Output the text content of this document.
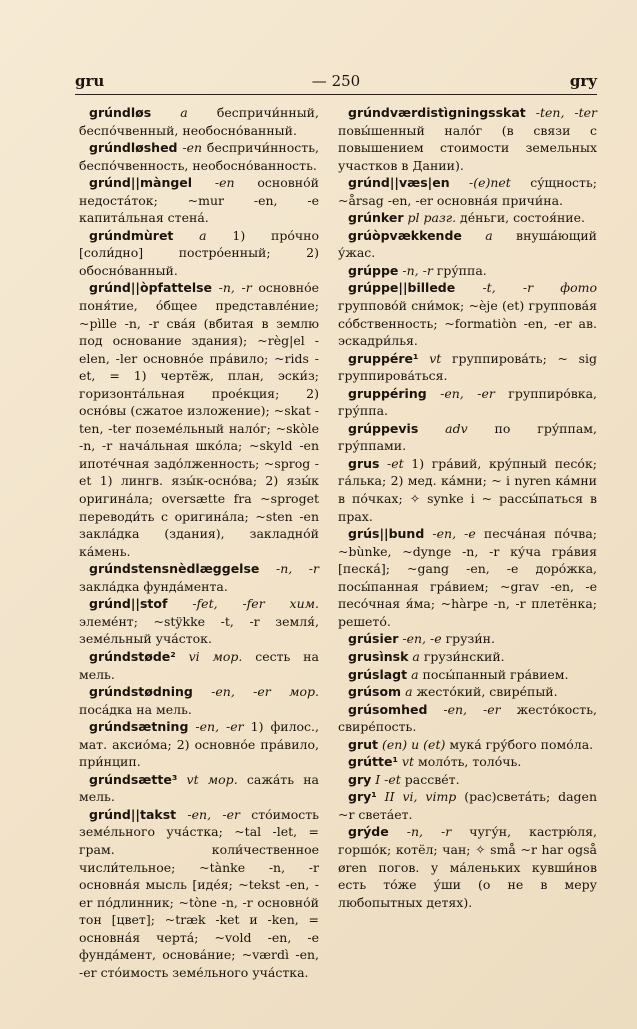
gru	— 250	gry

grúndløs a беспричи́нный, беспо́чвенный, необосно́ванный.

grúndløshed -en беспричи́нность, беспо́чвенность, необосно́ванность.

grúnd||màngel -en основно́й недоста́ток; ~mur -en, -e капита́льная стена́.

grúndmùret a 1) про́чно [соли́дно] постро́енный; 2) обосно́ванный.

grúnd||òpfattelse -n, -r основно́е поня́тие, о́бщее представле́ние; ~pìlle -n, -r сва́я (вбитая в землю под основание здания); ~règ|el -elen, -ler основно́е пра́вило; ~rids -et, = 1) чертёж, план, эски́з; горизонта́льная прое́кция; 2) осно́вы (сжатое изложение); ~skat -ten, -ter поземе́льный нало́г; ~skòle -n, -r нача́льная шко́ла; ~skyld -en ипоте́чная задо́лженность; ~sprog -et 1) лингв. язы́к-осно́ва; 2) язы́к оригина́ла; oversætte fra ~sproget переводи́ть с оригина́ла; ~sten -en закла́дка (здания), закладно́й ка́мень.

grúndstensnèdlæggelse -n, -r закла́дка фунда́мента.

grúnd||stof -fet, -fer хим. элеме́нт; ~stÿkke -t, -r земля́, земе́льный уча́сток.

grúndstøde² vi мор. сесть на мель.

grúndstødning -en, -er мор. поса́дка на мель.

grúndsætning -en, -er 1) филос., мат. аксио́ма; 2) основно́е пра́вило, при́нцип.

grúndsætte³ vt мор. сажа́ть на мель.

grúnd||takst -en, -er сто́имость земе́льного уча́стка; ~tal -let, = грам. коли́чественное числи́тельное; ~tànke -n, -r основна́я мысль [иде́я; ~tekst -en, -er по́длинник; ~tòne -n, -r основно́й тон [цвет]; ~træk -ket и -ken, = основна́я черта́; ~vold -en, -e фунда́мент, основа́ние; ~værdì -en, -er сто́имость земе́льного уча́стка.

grúndværdistìgningsskat -ten, -ter повы́шенный нало́г (в связи с повышением стоимости земельных участков в Дании).

grúnd||væs|en -(e)net су́щность; ~årsag -en, -er основна́я причи́на.

grúnker pl разг. де́ньги, состоя́ние.

grúòpvækkende a внуша́ющий у́жас.

grúppe -n, -r гру́ппа.

grúppe||billede -t, -r фото группово́й сни́мок; ~èje (et) группова́я со́бственность; ~formatiòn -en, -er ав. эскадри́лья.

gruppére¹ vt группирова́ть; ~ sig группирова́ться.

gruppéring -en, -er группиро́вка, гру́ппа.

grúppevis adv по гру́ппам, гру́ппами.

grus -et 1) гра́вий, кру́пный песо́к; га́лька; 2) мед. ка́мни; ~ i nyren ка́мни в по́чках; ✧ synke i ~ рассы́паться в прах.

grús||bund -en, -e песча́ная по́чва; ~bùnke, ~dynge -n, -r ку́ча гра́вия [песка́]; ~gang -en, -e доро́жка, посы́панная гра́вием; ~grav -en, -e песо́чная я́ма; ~hàrpe -n, -r плетёнка; решето́.

grúsier -en, -e грузи́н.

grusìnsk a грузи́нский.

grúslagt a посы́панный гра́вием.

grúsom a жесто́кий, свире́пый.

grúsomhed -en, -er жесто́кость, свире́пость.

grut (en) u (et) мука́ гру́бого помо́ла.

grútte¹ vt моло́ть, толо́чь.

gry I -et рассве́т.

gry¹ II vi, vimp (рас)света́ть; dagen ~r света́ет.

grýde -n, -r чугу́н, кастрю́ля, горшо́к; котёл; чан; ✧ små ~r har også øren погов. у ма́леньких кувши́нов есть то́же у́ши (о не в меру любопытных детях).
